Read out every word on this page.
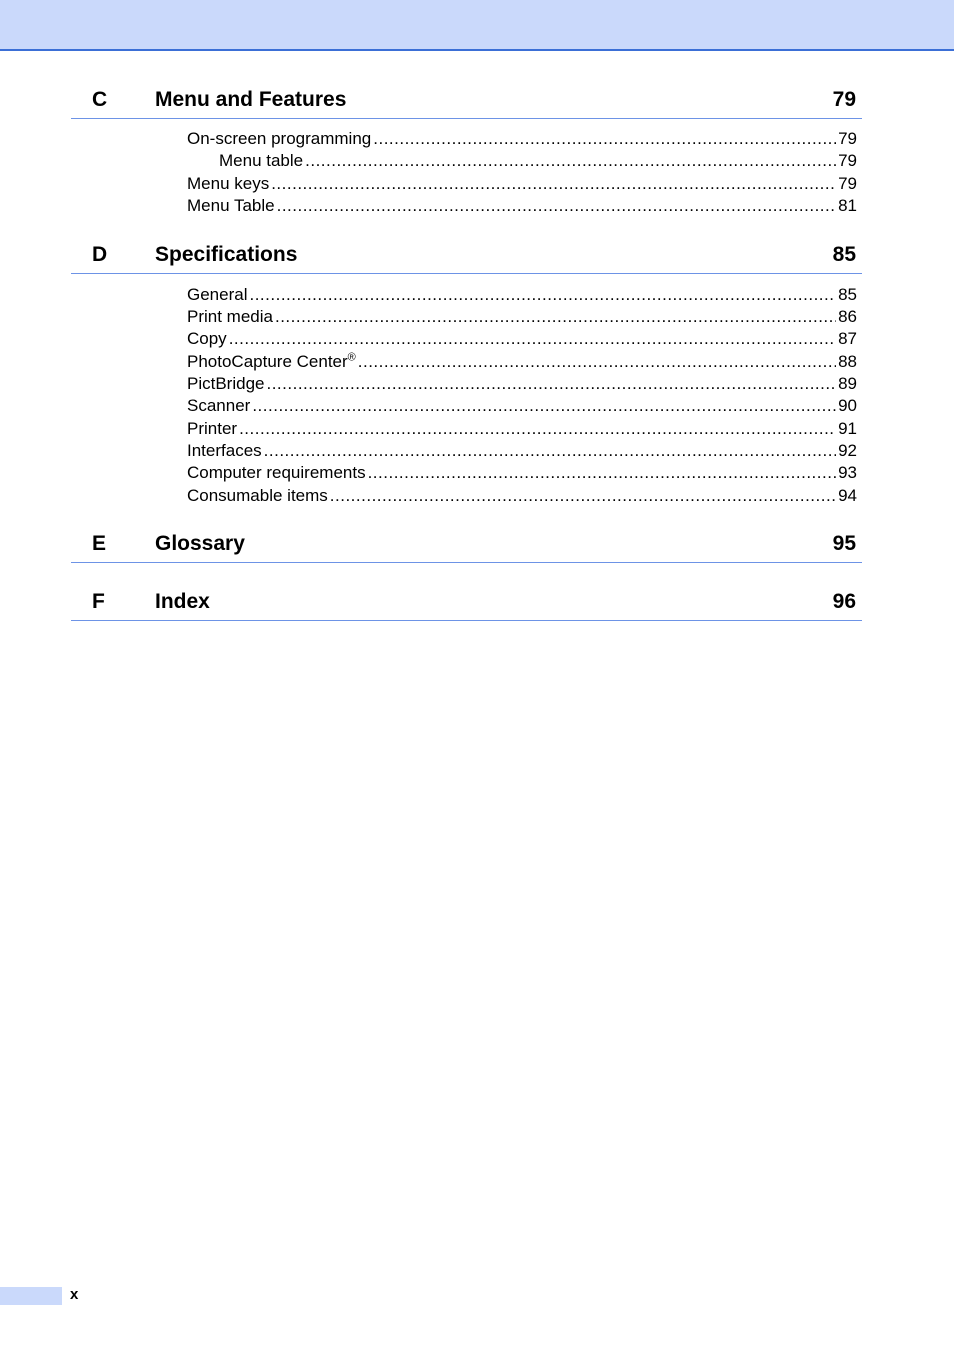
C Menu and Features	79
On-screen programming .....	79
Menu table .....	79
Menu keys .....	79
Menu Table .....	81
D Specifications	85
General .....	85
Print media .....	86
Copy .....	87
PhotoCapture Center® .....	88
PictBridge .....	89
Scanner .....	90
Printer .....	91
Interfaces .....	92
Computer requirements .....	93
Consumable items .....	94
E Glossary	95
F Index	96
x
